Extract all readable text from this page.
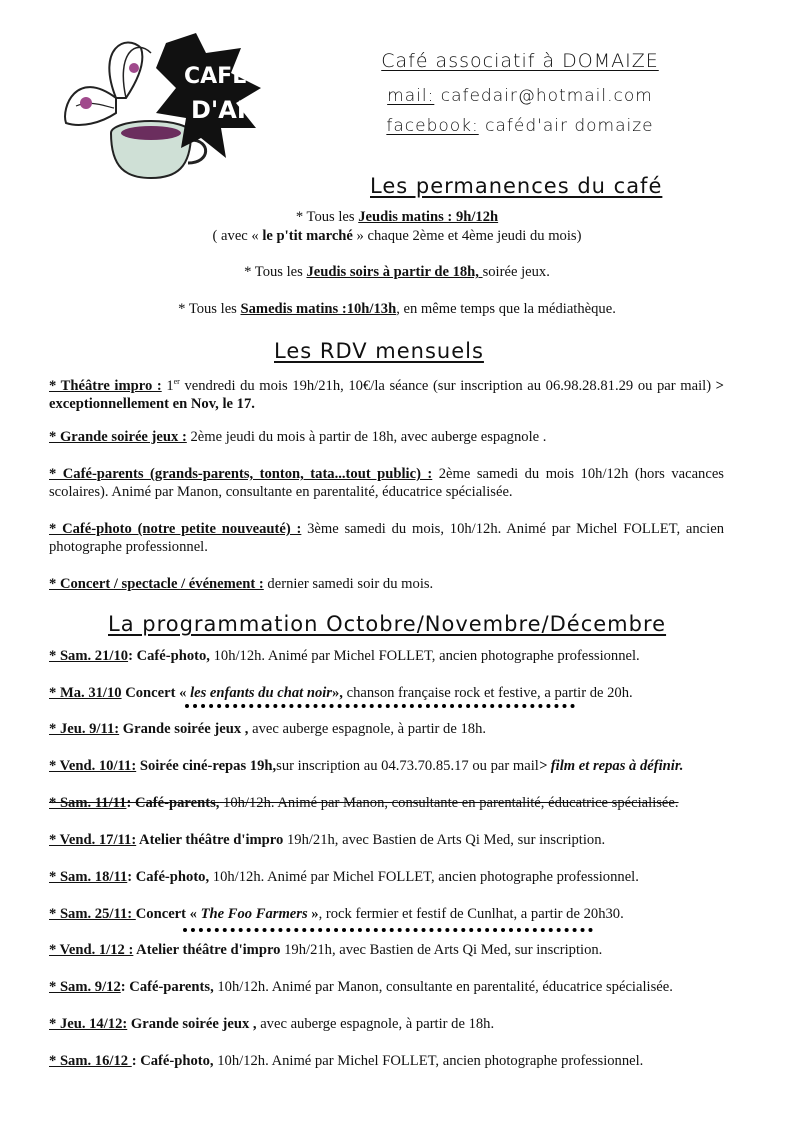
CAFÉ
D'AIR
Café associatif à DOMAIZE
mail: cafedair@hotmail.com
facebook: caféd'air domaize
Les permanences du café
* Tous les Jeudis matins : 9h/12h
( avec « le p'tit marché » chaque 2ème et 4ème jeudi du mois)
* Tous les Jeudis soirs à partir de 18h, soirée jeux.
* Tous les Samedis matins :10h/13h, en même temps que la médiathèque.
Les RDV mensuels
* Théâtre impro : 1er vendredi du mois 19h/21h, 10€/la séance (sur inscription au 06.98.28.81.29 ou par mail) > exceptionnellement en Nov, le 17.
* Grande soirée jeux : 2ème jeudi du mois à partir de 18h, avec auberge espagnole .
* Café-parents (grands-parents, tonton, tata...tout public) : 2ème samedi du mois 10h/12h (hors vacances scolaires). Animé par Manon, consultante en parentalité, éducatrice spécialisée.
* Café-photo (notre petite nouveauté) : 3ème samedi du mois, 10h/12h. Animé par Michel FOLLET, ancien photographe professionnel.
* Concert / spectacle / événement : dernier samedi soir du mois.
La programmation Octobre/Novembre/Décembre
* Sam. 21/10: Café-photo, 10h/12h. Animé par Michel FOLLET, ancien photographe professionnel.
* Ma. 31/10 Concert « les enfants du chat noir», chanson française rock et festive, a partir de 20h.
* Jeu. 9/11: Grande soirée jeux , avec auberge espagnole, à partir de 18h.
* Vend. 10/11: Soirée ciné-repas 19h,sur inscription au 04.73.70.85.17 ou par mail> film et repas à définir.
* Sam. 11/11: Café-parents, 10h/12h. Animé par Manon, consultante en parentalité, éducatrice spécialisée.
* Vend. 17/11: Atelier théâtre d'impro 19h/21h, avec Bastien de Arts Qi Med, sur inscription.
* Sam. 18/11: Café-photo, 10h/12h. Animé par Michel FOLLET, ancien photographe professionnel.
* Sam. 25/11: Concert « The Foo Farmers », rock fermier et festif de Cunlhat, a partir de 20h30.
* Vend. 1/12 : Atelier théâtre d'impro 19h/21h, avec Bastien de Arts Qi Med, sur inscription.
* Sam. 9/12: Café-parents, 10h/12h. Animé par Manon, consultante en parentalité, éducatrice spécialisée.
* Jeu. 14/12: Grande soirée jeux , avec auberge espagnole, à partir de 18h.
* Sam. 16/12 : Café-photo, 10h/12h. Animé par Michel FOLLET, ancien photographe professionnel.
